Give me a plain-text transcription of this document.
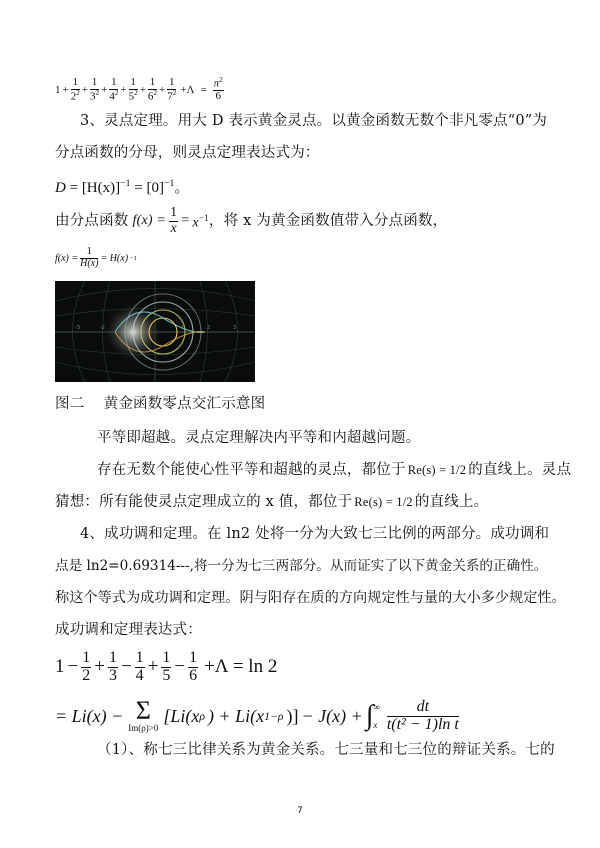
$1 + \frac{1}{2^2} + \frac{1}{3^2} + \frac{1}{4^2} + \frac{1}{5^2} + \frac{1}{6^2} + \frac{1}{7^2} +\Lambda = \frac{\pi^2}{6}$
3、灵点定理。用大 D 表示黄金灵点。以黄金函数无数个非凡零点“0”为
分点函数的分母，则灵点定理表达式为：
$D = [H(x)]^{-1} = [0]^{-1}$。
由分点函数 $f(x) = \frac{1}{x} = x^{-1}$ ，将 x 为黄金函数值带入分点函数，
$f(x) = \frac{1}{H(x)} = H(x) -1$
-3	-2	-1	1	2	3
图二    黄金函数零点交汇示意图
平等即超越。灵点定理解决内平等和内超越问题。
存在无数个能使心性平等和超越的灵点，都位于 Re(s) = 1/2 的直线上。灵点
猜想：所有能使灵点定理成立的 x 值，都位于 Re(s) = 1/2 的直线上。
4、成功调和定理。在 ln2 处将一分为大致七三比例的两部分。成功调和
点是 ln2=0.69314---,将一分为七三两部分。从而证实了以下黄金关系的正确性。
称这个等式为成功调和定理。阴与阳存在质的方向规定性与量的大小多少规定性。
成功调和定理表达式：
$1 - \frac{1}{2} + \frac{1}{3} - \frac{1}{4} + \frac{1}{5} - \frac{1}{6} +\Lambda = \ln 2$
= Li(x) − Σ
Im(ρ)>0
[Li(x ρ ) + Li(x 1−ρ )] − J(x) + ∫ ∞
x $\frac{dt}{\text{t(t² − 1)ln t}}$
（1）、称七三比律关系为黄金关系。七三量和七三位的辩证关系。七的
7
